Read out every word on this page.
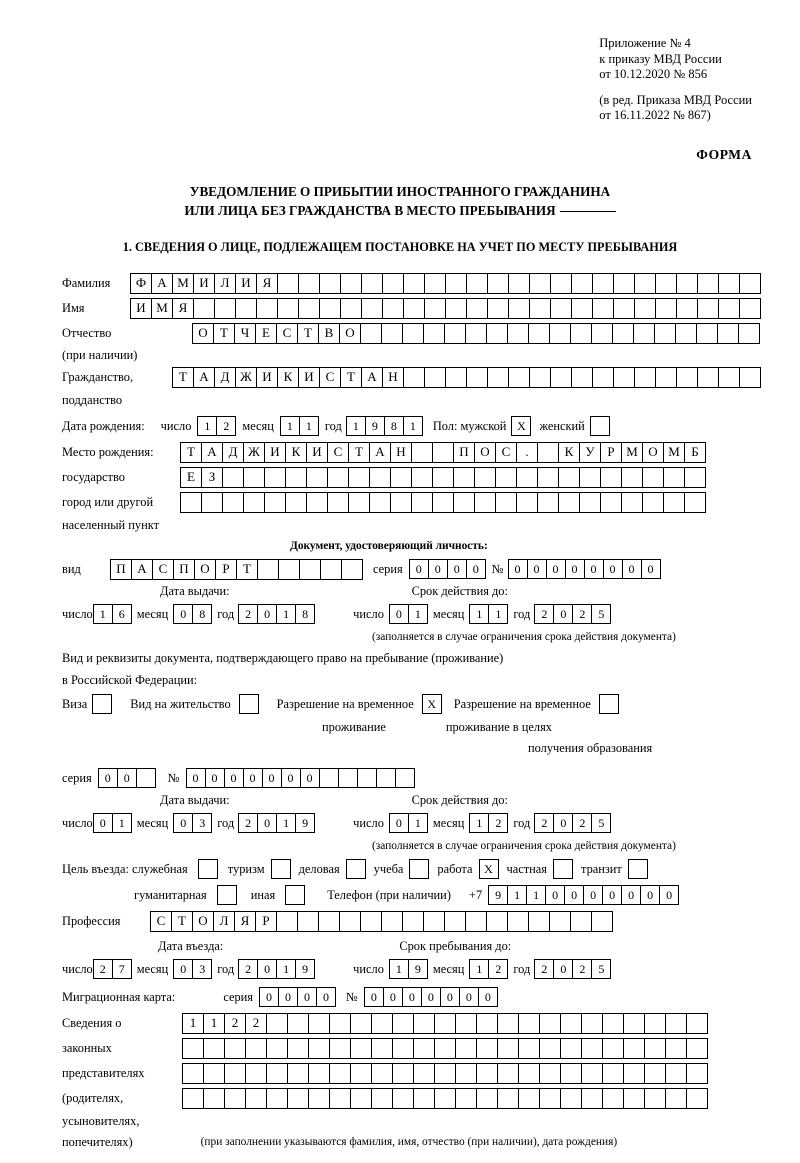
Приложение № 4
к приказу МВД России
от 10.12.2020 № 856
(в ред. Приказа МВД России
от 16.11.2022 № 867)
ФОРМА
УВЕДОМЛЕНИЕ О ПРИБЫТИИ ИНОСТРАННОГО ГРАЖДАНИНА
ИЛИ ЛИЦА БЕЗ ГРАЖДАНСТВА В МЕСТО ПРЕБЫВАНИЯ
1. СВЕДЕНИЯ О ЛИЦЕ, ПОДЛЕЖАЩЕМ ПОСТАНОВКЕ НА УЧЕТ ПО МЕСТУ ПРЕБЫВАНИЯ
Фамилия	Ф А М И Л И Я
Имя	И М Я
Отчество	О Т Ч Е С Т В О
(при наличии)
Гражданство,	Т А Д Ж И К И С Т А Н
подданство
Дата рождения: число	1	2	месяц	1	1	год 1	9	8	1	Пол: мужской X	женский
Место рождения:	Т А Д Ж И К И С Т А Н	П О С	.	К У Р М О М Б
государство	Е	З
город или другой
населенный пункт
Документ, удостоверяющий личность:
вид	П А С П О Р	Т	серия	0	0	0	0	№ 0	0	0	0	0	0	0	0
Дата выдачи:	Срок действия до:
число 1	6 месяц	0	8 год 2	0	1	8	число	0	1 месяц	1	1 год 2	0	2	5
(заполняется в случае ограничения срока действия документа)
Вид и реквизиты документа, подтверждающего право на пребывание (проживание)
в Российской Федерации:
Виза	Вид на жительство	Разрешение на временное	X	Разрешение на временное
проживание	проживание в целях
получения образования
серия	0	0	№	0	0	0	0	0	0	0
Дата выдачи:	Срок действия до:
число 0	1 месяц	0	3 год 2	0	1	9	число	0	1 месяц	1	2 год 2	0	2	5
(заполняется в случае ограничения срока действия документа)
Цель въезда: служебная	туризм	деловая	учеба	работа X	частная	транзит
гуманитарная	иная	Телефон (при наличии) +7	9	1	1	0	0	0	0	0	0	0
Профессия	С Т О Л Я	Р
Дата въезда:	Срок пребывания до:
число 2	7 месяц	0	3 год 2	0	1	9	число	1	9 месяц	1	2 год 2	0	2	5
Миграционная карта:	серия	0	0	0	0	№	0	0	0	0	0	0	0
Сведения о	1	1	2	2
законных
представителях
(родителях,
усыновителях,
попечителях)	(при заполнении указываются фамилия, имя, отчество (при наличии), дата рождения)
